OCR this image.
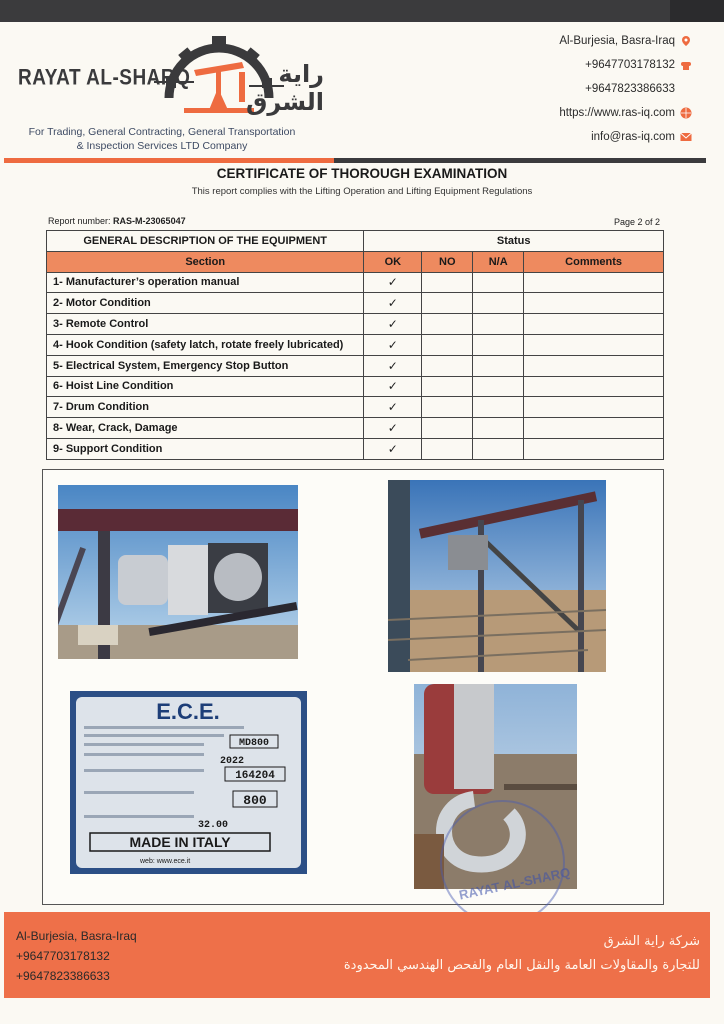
RAYAT AL-SHARQ	راية الشرق
For Trading, General Contracting, General Transportation
& Inspection Services LTD Company
Al-Burjesia, Basra-Iraq
+9647703178132
+9647823386633
https://www.ras-iq.com
info@ras-iq.com
CERTIFICATE OF THOROUGH EXAMINATION
This report complies with the Lifting Operation and Lifting Equipment Regulations
Report number: RAS-M-23065047	Page 2 of 2
GENERAL DESCRIPTION OF THE EQUIPMENT	Status			
Section	OK	NO	N/A	Comments
1- Manufacturer’s operation manual	✓			
2- Motor Condition	✓			
3- Remote Control	✓			
4- Hook Condition (safety latch, rotate freely lubricated)	✓			
5- Electrical System, Emergency Stop Button	✓			
6- Hoist Line Condition	✓			
7- Drum Condition	✓			
8- Wear, Crack, Damage	✓			
9- Support Condition	✓			
E.C.E.
MD800
2022
164204
800
32.00
MADE IN ITALY
web: www.ece.it
RAYAT AL-SHARQ
Al-Burjesia, Basra-Iraq
+9647703178132
+9647823386633
شركة راية الشرق
للتجارة والمقاولات العامة والنقل العام والفحص الهندسي المحدودة
